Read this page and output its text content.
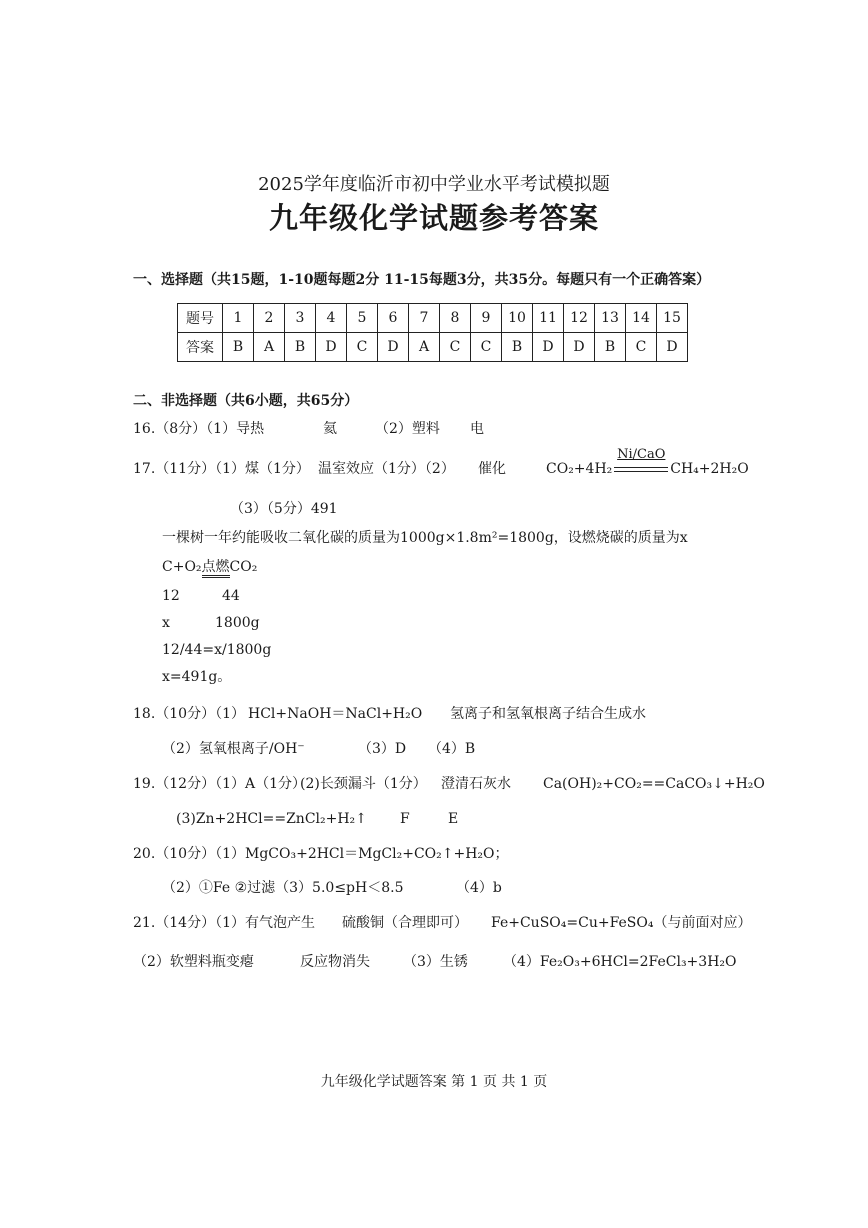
2025学年度临沂市初中学业水平考试模拟题
九年级化学试题参考答案
一、选择题（共15题，1-10题每题2分 11-15每题3分，共35分。每题只有一个正确答案）
题号	1	2	3	4	5	6	7	8	9	10	11	12	13	14	15
答案	B	A	B	D	C	D	A	C	C	B	D	D	B	C	D
二、非选择题（共6小题，共65分）
16.（8分）（1）导热	氦	（2）塑料 电
17.（11分）（1）煤（1分） 温室效应（1分）（2） 催化	CO₂+4H₂
Ni/CaO
CH₄+2H₂O
（3）（5分）491
一棵树一年约能吸收二氧化碳的质量为1000g×1.8m²=1800g，设燃烧碳的质量为x
C+O₂点燃CO₂
12	44
x	1800g
12/44=x/1800g
x=491g。
18.（10分）（1） HCl+NaOH＝NaCl+H₂O 氢离子和氢氧根离子结合生成水
（2）氢氧根离子/OH⁻	（3）D （4）B
19.（12分）（1）A（1分）
(2)长颈漏斗（1分） 澄清石灰水 Ca(OH)₂+CO₂==CaCO₃↓+H₂O
(3)Zn+2HCl==ZnCl₂+H₂↑ F	E
20.（10分）（1）MgCO₃+2HCl＝MgCl₂+CO₂↑+H₂O；
（2）①Fe ②过滤（3）5.0≤pH＜8.5	（4）b
21.（14分）（1）有气泡产生 硫酸铜（合理即可） Fe+CuSO₄=Cu+FeSO₄（与前面对应）
（2）软塑料瓶变瘪	反应物消失 （3）生锈	（4）Fe₂O₃+6HCl=2FeCl₃+3H₂O
九年级化学试题答案 第 1 页 共 1 页
